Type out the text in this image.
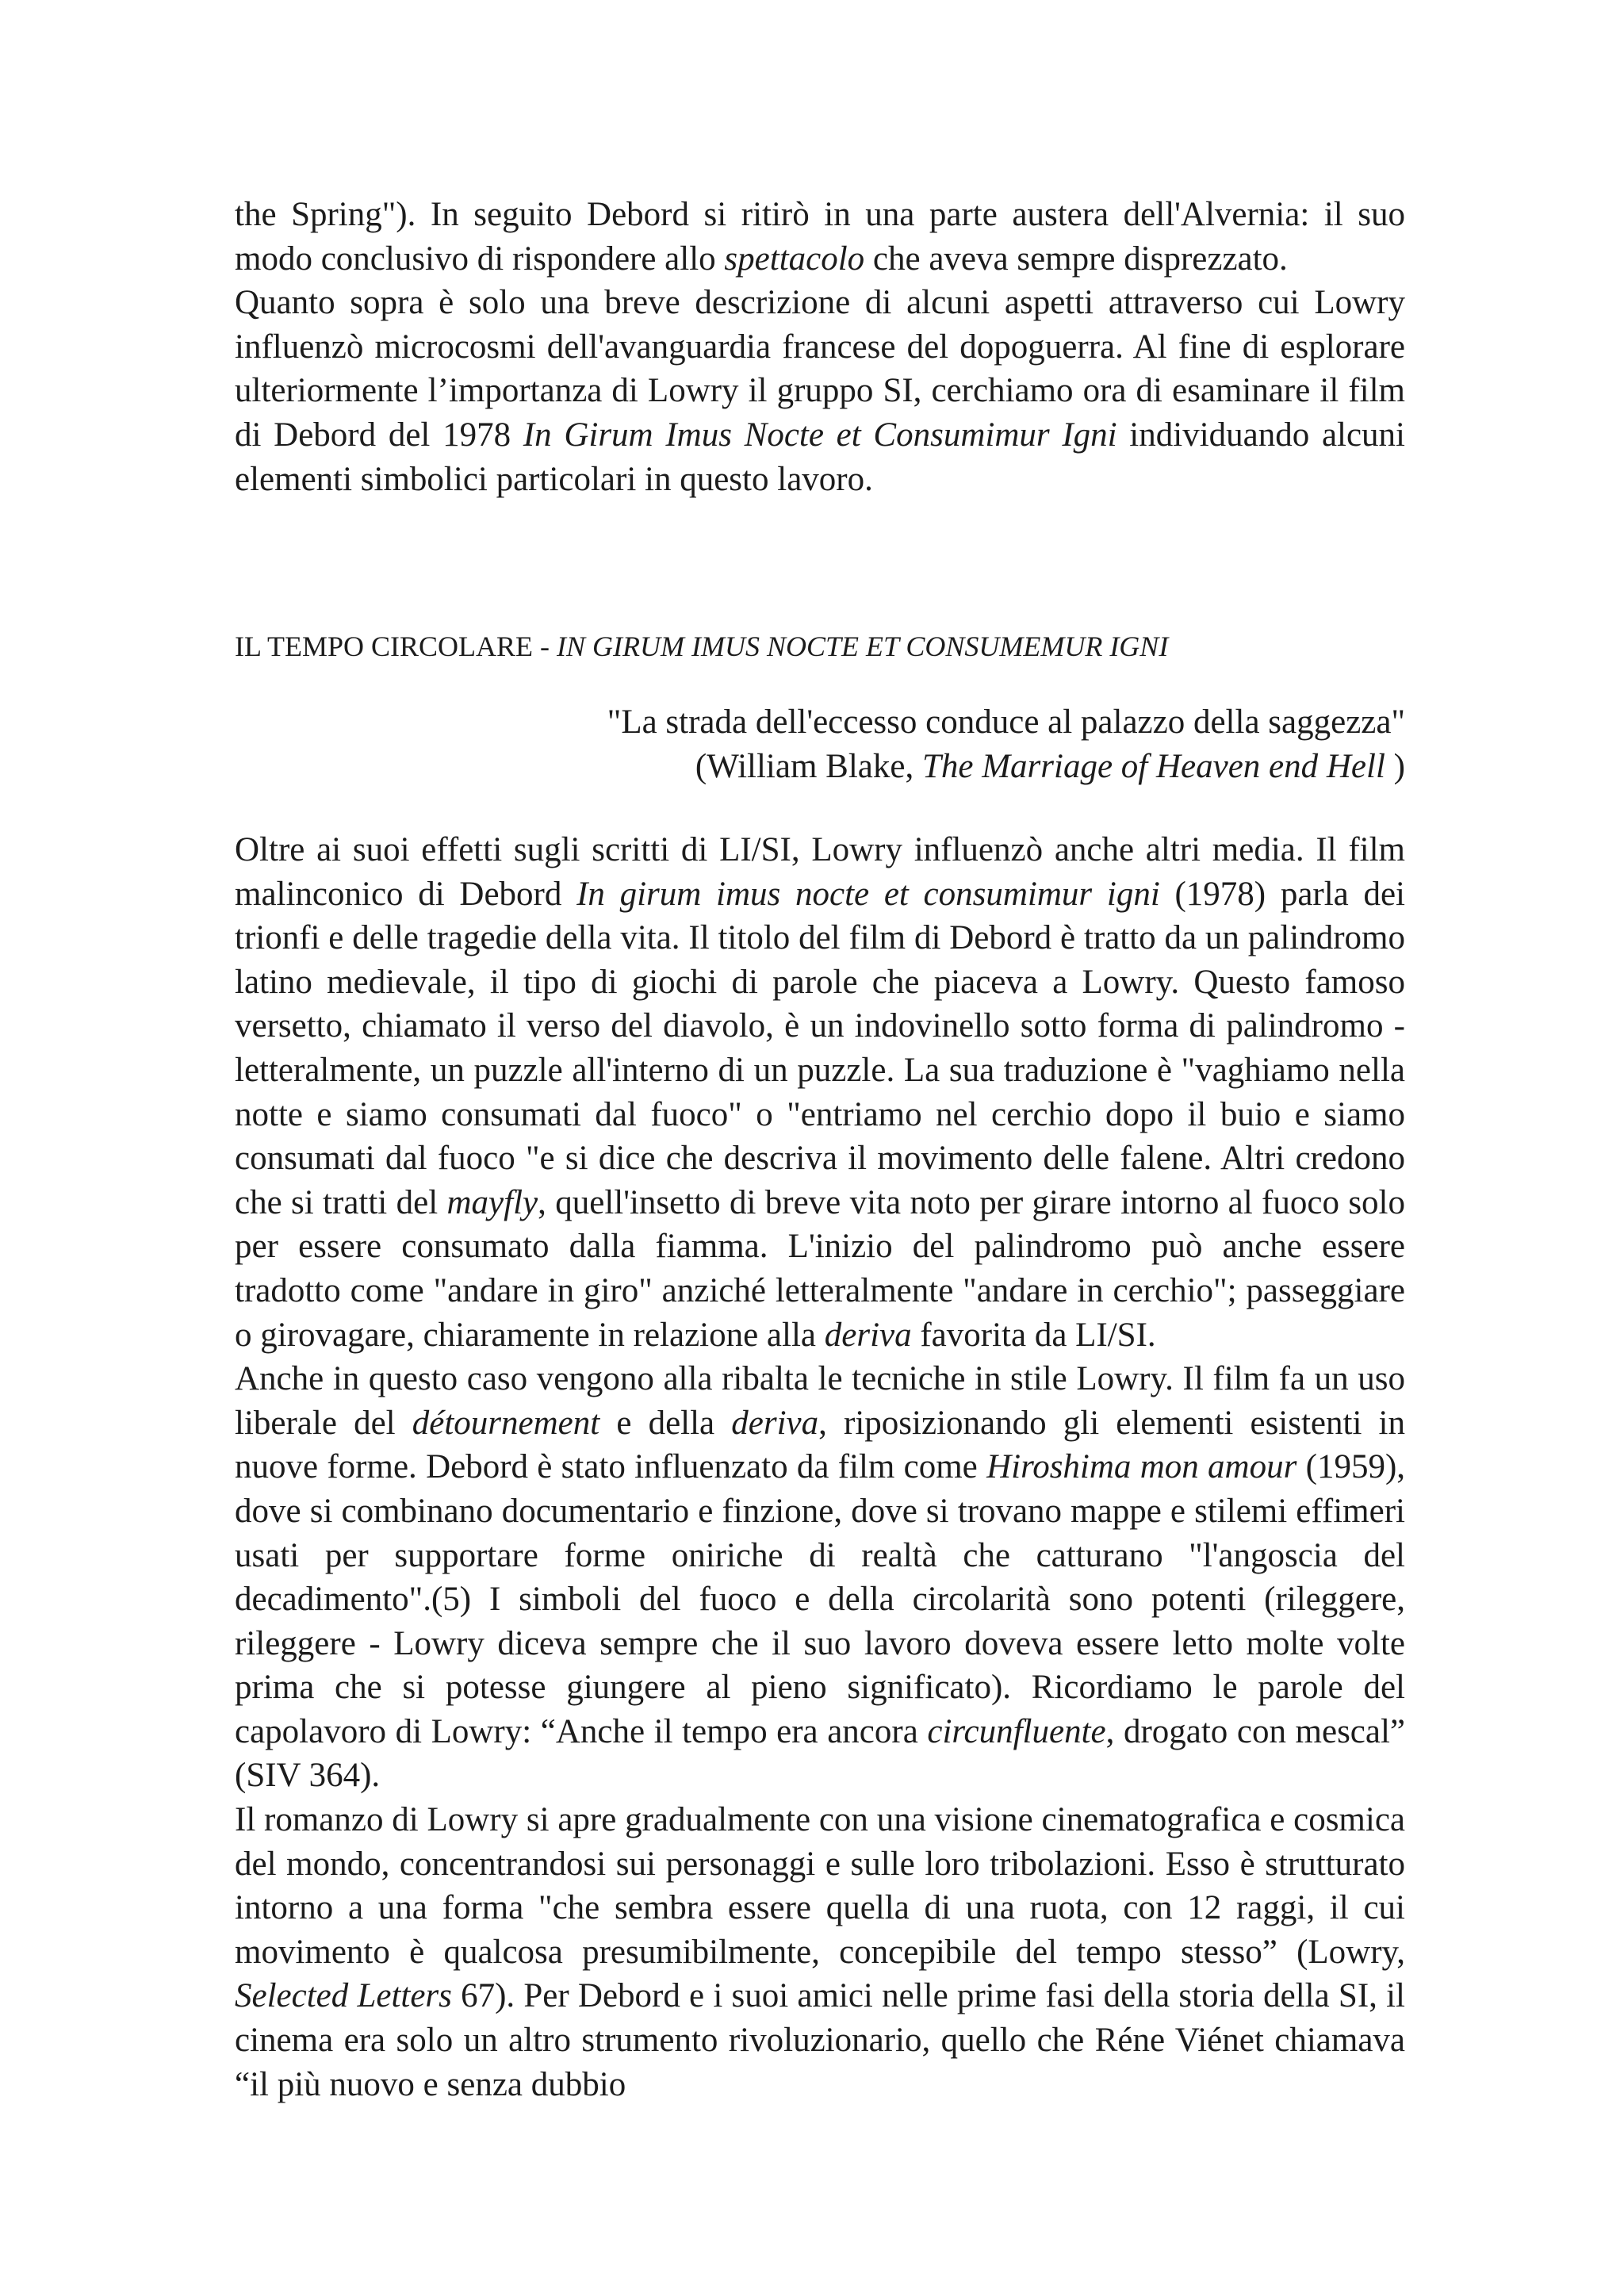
the Spring"). In seguito Debord si ritirò in una parte austera dell'Alvernia: il suo modo conclusivo di rispondere allo spettacolo che aveva sempre disprezzato.

Quanto sopra è solo una breve descrizione di alcuni aspetti attraverso cui Lowry influenzò microcosmi dell'avanguardia francese del dopoguerra. Al fine di esplorare ulteriormente l’importanza di Lowry il gruppo SI, cerchiamo ora di esaminare il film di Debord del 1978 In Girum Imus Nocte et Consumimur Igni individuando alcuni elementi simbolici particolari in questo lavoro.

IL TEMPO CIRCOLARE - IN GIRUM IMUS NOCTE ET CONSUMEMUR IGNI
"La strada dell'eccesso conduce al palazzo della saggezza"
(William Blake, The Marriage of Heaven end Hell )

Oltre ai suoi effetti sugli scritti di LI/SI, Lowry influenzò anche altri media. Il film malinconico di Debord In girum imus nocte et consumimur igni (1978) parla dei trionfi e delle tragedie della vita. Il titolo del film di Debord è tratto da un palindromo latino medievale, il tipo di giochi di parole che piaceva a Lowry. Questo famoso versetto, chiamato il verso del diavolo, è un indovinello sotto forma di palindromo - letteralmente, un puzzle all'interno di un puzzle. La sua traduzione è "vaghiamo nella notte e siamo consumati dal fuoco" o "entriamo nel cerchio dopo il buio e siamo consumati dal fuoco "e si dice che descriva il movimento delle falene. Altri credono che si tratti del mayfly, quell'insetto di breve vita noto per girare intorno al fuoco solo per essere consumato dalla fiamma. L'inizio del palindromo può anche essere tradotto come "andare in giro" anziché letteralmente "andare in cerchio"; passeggiare o girovagare, chiaramente in relazione alla deriva favorita da LI/SI.

Anche in questo caso vengono alla ribalta le tecniche in stile Lowry. Il film fa un uso liberale del détournement e della deriva, riposizionando gli elementi esistenti in nuove forme. Debord è stato influenzato da film come Hiroshima mon amour (1959), dove si combinano documentario e finzione, dove si trovano mappe e stilemi effimeri usati per supportare forme oniriche di realtà che catturano "l'angoscia del decadimento".(5) I simboli del fuoco e della circolarità sono potenti (rileggere, rileggere - Lowry diceva sempre che il suo lavoro doveva essere letto molte volte prima che si potesse giungere al pieno significato). Ricordiamo le parole del capolavoro di Lowry: “Anche il tempo era ancora circunfluente, drogato con mescal” (SIV 364).

Il romanzo di Lowry si apre gradualmente con una visione cinematografica e cosmica del mondo, concentrandosi sui personaggi e sulle loro tribolazioni. Esso è strutturato intorno a una forma "che sembra essere quella di una ruota, con 12 raggi, il cui movimento è qualcosa presumibilmente, concepibile del tempo stesso” (Lowry, Selected Letters 67). Per Debord e i suoi amici nelle prime fasi della storia della SI, il cinema era solo un altro strumento rivoluzionario, quello che Réne Viénet chiamava “il più nuovo e senza dubbio
